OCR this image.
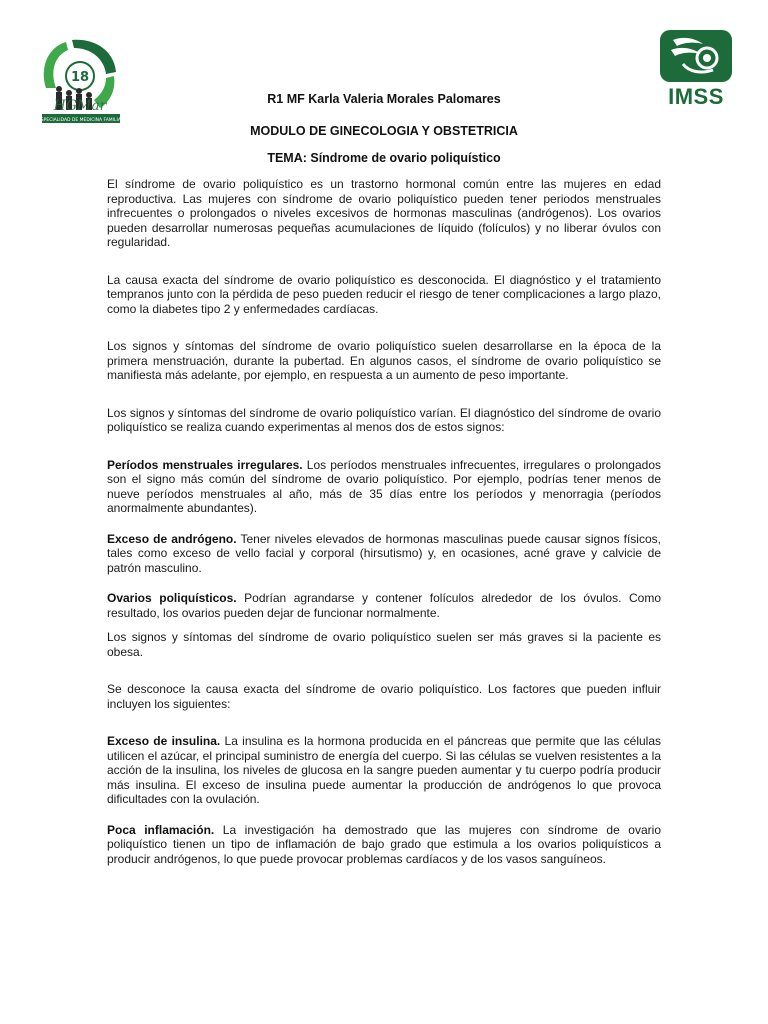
18
HGMar
ESPECIALIDAD DE MEDICINA FAMILIAR
IMSS
R1 MF Karla Valeria Morales Palomares
MODULO DE GINECOLOGIA Y OBSTETRICIA
TEMA: Síndrome de ovario poliquístico

El síndrome de ovario poliquístico es un trastorno hormonal común entre las mujeres en edad reproductiva. Las mujeres con síndrome de ovario poliquístico pueden tener periodos menstruales infrecuentes o prolongados o niveles excesivos de hormonas masculinas (andrógenos). Los ovarios pueden desarrollar numerosas pequeñas acumulaciones de líquido (folículos) y no liberar óvulos con regularidad.

La causa exacta del síndrome de ovario poliquístico es desconocida. El diagnóstico y el tratamiento tempranos junto con la pérdida de peso pueden reducir el riesgo de tener complicaciones a largo plazo, como la diabetes tipo 2 y enfermedades cardíacas.

Los signos y síntomas del síndrome de ovario poliquístico suelen desarrollarse en la época de la primera menstruación, durante la pubertad. En algunos casos, el síndrome de ovario poliquístico se manifiesta más adelante, por ejemplo, en respuesta a un aumento de peso importante.

Los signos y síntomas del síndrome de ovario poliquístico varían. El diagnóstico del síndrome de ovario poliquístico se realiza cuando experimentas al menos dos de estos signos:

Períodos menstruales irregulares. Los períodos menstruales infrecuentes, irregulares o prolongados son el signo más común del síndrome de ovario poliquístico. Por ejemplo, podrías tener menos de nueve períodos menstruales al año, más de 35 días entre los períodos y menorragia (períodos anormalmente abundantes).

Exceso de andrógeno. Tener niveles elevados de hormonas masculinas puede causar signos físicos, tales como exceso de vello facial y corporal (hirsutismo) y, en ocasiones, acné grave y calvicie de patrón masculino.

Ovarios poliquísticos. Podrían agrandarse y contener folículos alrededor de los óvulos. Como resultado, los ovarios pueden dejar de funcionar normalmente.

Los signos y síntomas del síndrome de ovario poliquístico suelen ser más graves si la paciente es obesa.

Se desconoce la causa exacta del síndrome de ovario poliquístico. Los factores que pueden influir incluyen los siguientes:

Exceso de insulina. La insulina es la hormona producida en el páncreas que permite que las células utilicen el azúcar, el principal suministro de energía del cuerpo. Si las células se vuelven resistentes a la acción de la insulina, los niveles de glucosa en la sangre pueden aumentar y tu cuerpo podría producir más insulina. El exceso de insulina puede aumentar la producción de andrógenos lo que provoca dificultades con la ovulación.

Poca inflamación. La investigación ha demostrado que las mujeres con síndrome de ovario poliquístico tienen un tipo de inflamación de bajo grado que estimula a los ovarios poliquísticos a producir andrógenos, lo que puede provocar problemas cardíacos y de los vasos sanguíneos.
